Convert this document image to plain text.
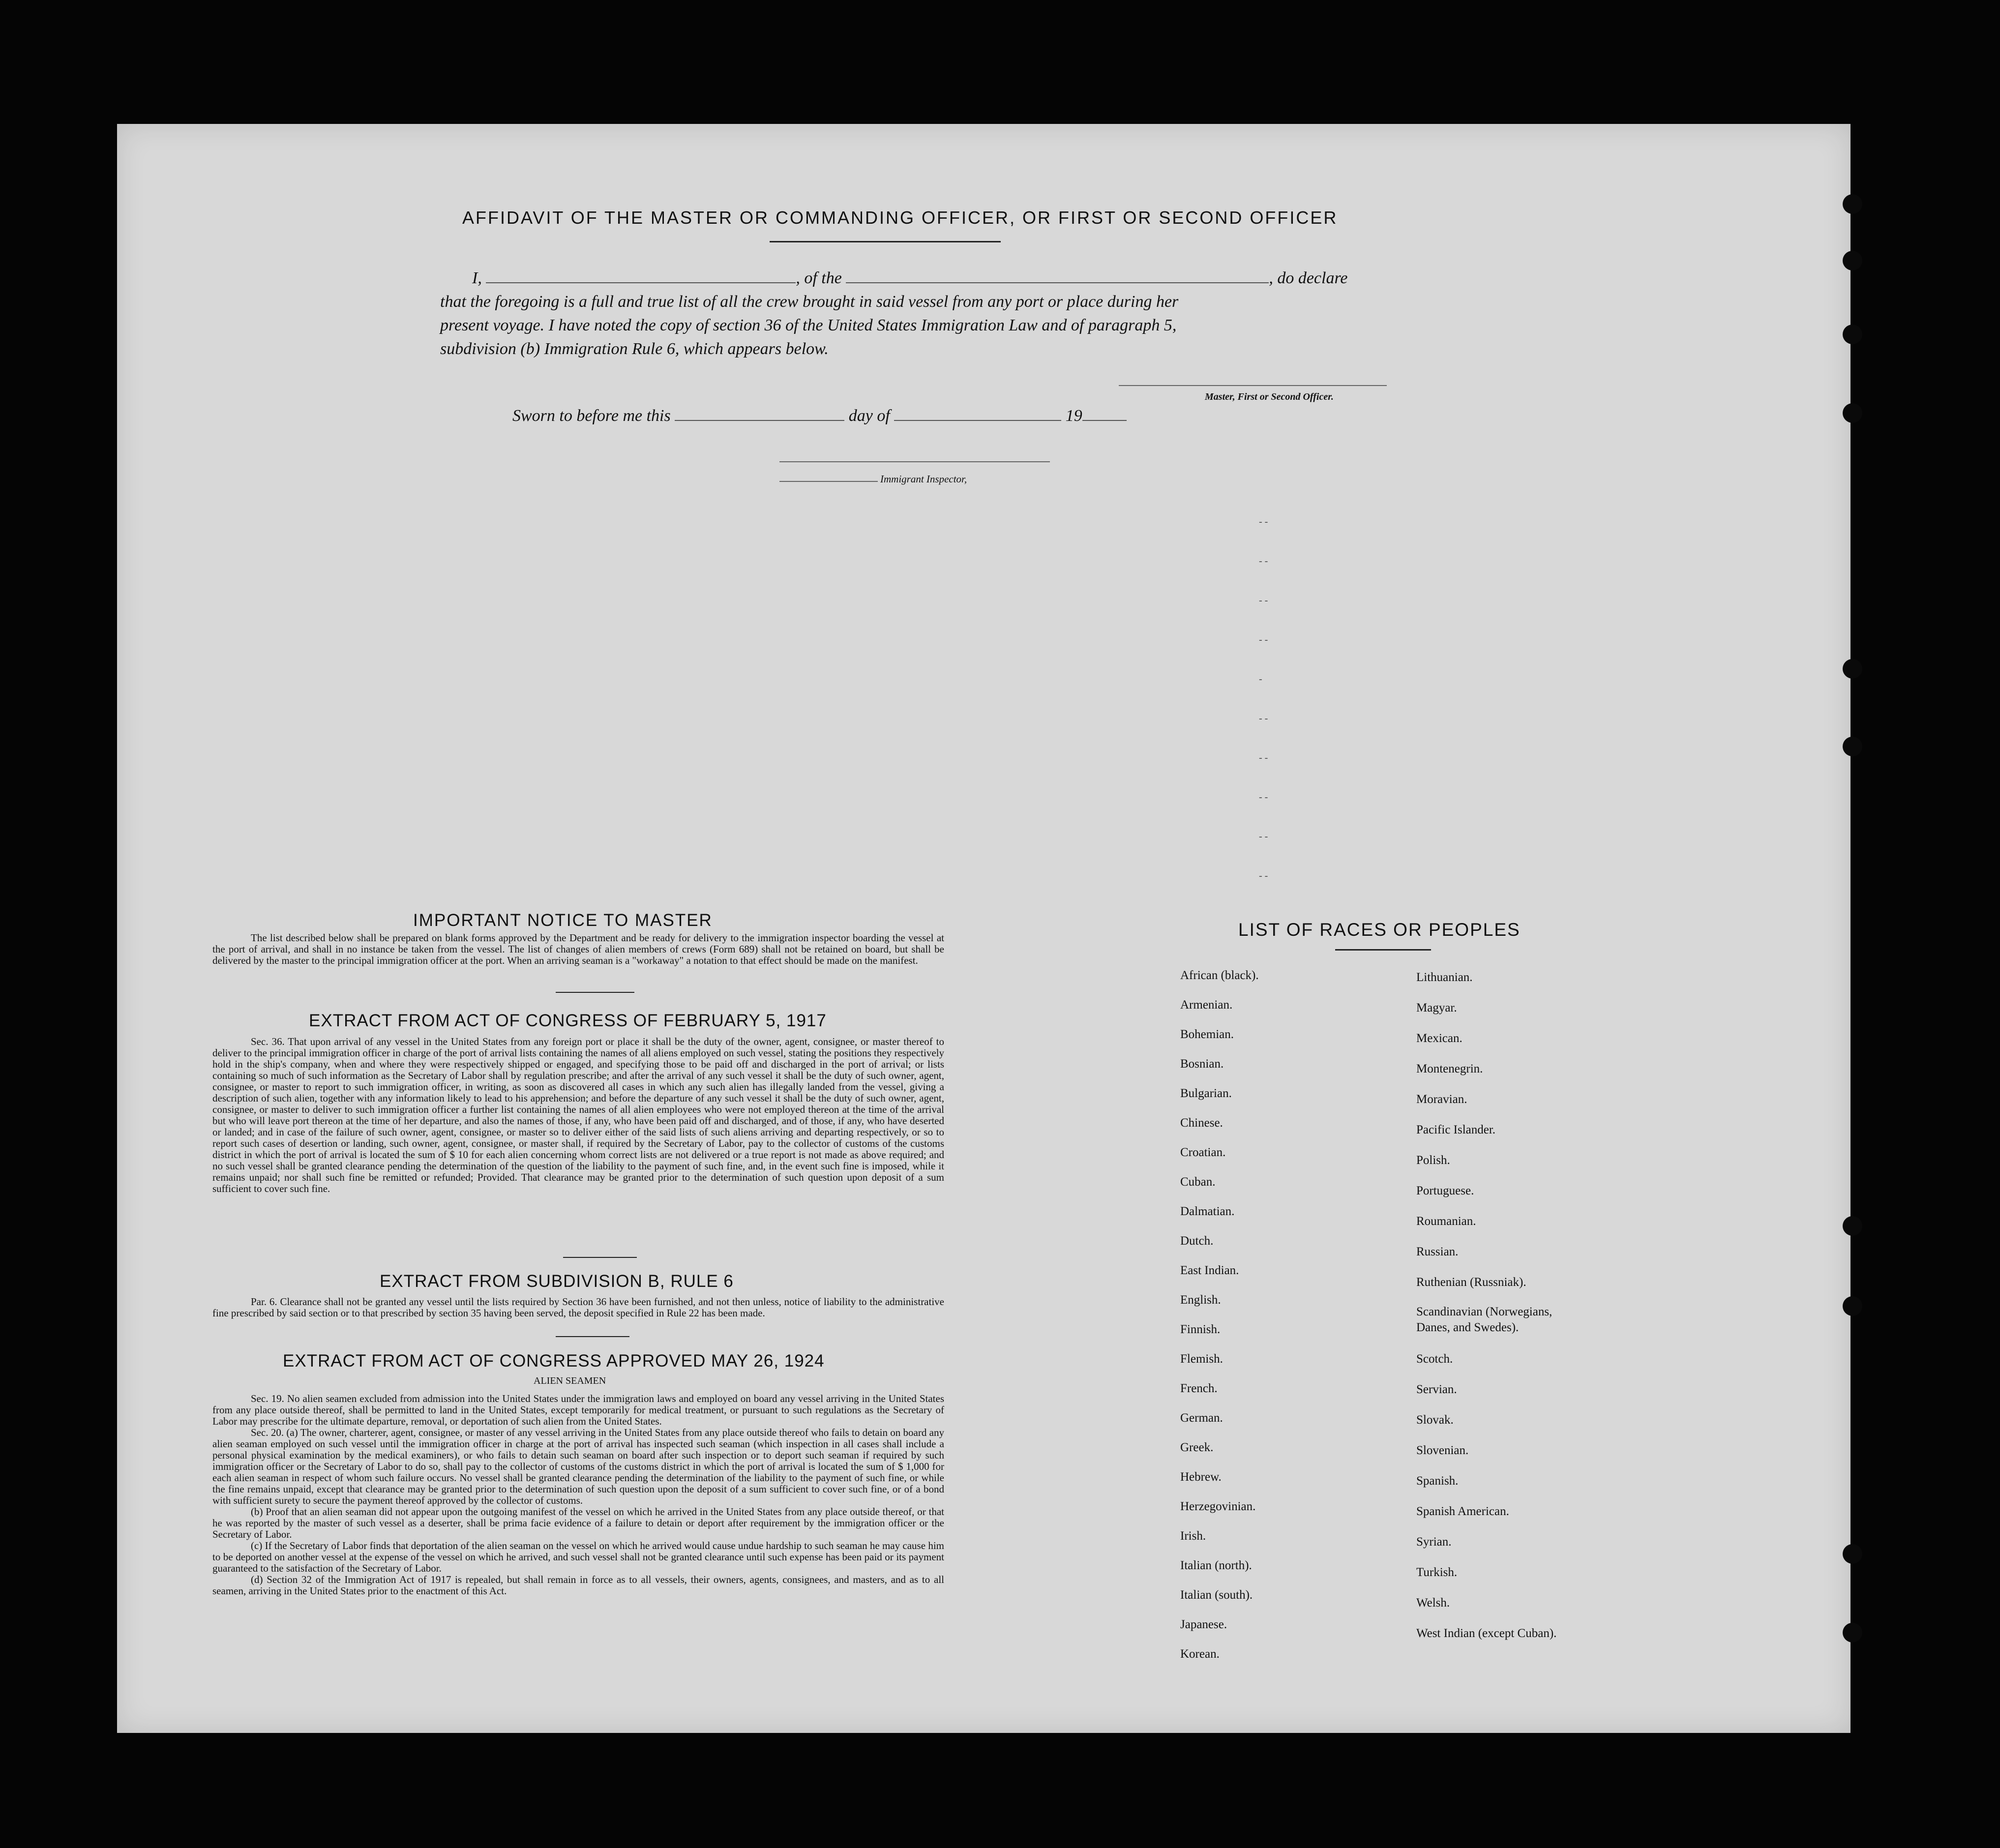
AFFIDAVIT OF THE MASTER OR COMMANDING OFFICER, OR FIRST OR SECOND OFFICER
I,	, of the	, do declare
that the foregoing is a full and true list of all the crew brought in said vessel from any port or place during her
present voyage. I have noted the copy of section 36 of the United States Immigration Law and of paragraph 5,
subdivision (b) Immigration Rule 6, which appears below.
Master, First or Second Officer.
Sworn to before me this	day of	19
Immigrant Inspector,
- -
- -
- -
- -
-
- -
- -
- -
- -
- -
IMPORTANT NOTICE TO MASTER

The list described below shall be prepared on blank forms approved by the Department and be ready for delivery to the immigration inspector boarding the vessel at the port of arrival, and shall in no instance be taken from the vessel. The list of changes of alien members of crews (Form 689) shall not be retained on board, but shall be delivered by the master to the principal immigration officer at the port. When an arriving seaman is a "workaway" a notation to that effect should be made on the manifest.

EXTRACT FROM ACT OF CONGRESS OF FEBRUARY 5, 1917

Sec. 36. That upon arrival of any vessel in the United States from any foreign port or place it shall be the duty of the owner, agent, consignee, or master thereof to deliver to the principal immigration officer in charge of the port of arrival lists containing the names of all aliens employed on such vessel, stating the positions they respectively hold in the ship's company, when and where they were respectively shipped or engaged, and specifying those to be paid off and discharged in the port of arrival; or lists containing so much of such information as the Secretary of Labor shall by regulation prescribe; and after the arrival of any such vessel it shall be the duty of such owner, agent, consignee, or master to report to such immigration officer, in writing, as soon as discovered all cases in which any such alien has illegally landed from the vessel, giving a description of such alien, together with any information likely to lead to his apprehension; and before the departure of any such vessel it shall be the duty of such owner, agent, consignee, or master to deliver to such immigration officer a further list containing the names of all alien employees who were not employed thereon at the time of the arrival but who will leave port thereon at the time of her departure, and also the names of those, if any, who have been paid off and discharged, and of those, if any, who have deserted or landed; and in case of the failure of such owner, agent, consignee, or master so to deliver either of the said lists of such aliens arriving and departing respectively, or so to report such cases of desertion or landing, such owner, agent, consignee, or master shall, if required by the Secretary of Labor, pay to the collector of customs of the customs district in which the port of arrival is located the sum of $ 10 for each alien concerning whom correct lists are not delivered or a true report is not made as above required; and no such vessel shall be granted clearance pending the determination of the question of the liability to the payment of such fine, and, in the event such fine is imposed, while it remains unpaid; nor shall such fine be remitted or refunded; Provided. That clearance may be granted prior to the determination of such question upon deposit of a sum sufficient to cover such fine.

EXTRACT FROM SUBDIVISION B, RULE 6

Par. 6. Clearance shall not be granted any vessel until the lists required by Section 36 have been furnished, and not then unless, notice of liability to the administrative fine prescribed by said section or to that prescribed by section 35 having been served, the deposit specified in Rule 22 has been made.

EXTRACT FROM ACT OF CONGRESS APPROVED MAY 26, 1924
ALIEN SEAMEN

Sec. 19. No alien seamen excluded from admission into the United States under the immigration laws and employed on board any vessel arriving in the United States from any place outside thereof, shall be permitted to land in the United States, except temporarily for medical treatment, or pursuant to such regulations as the Secretary of Labor may prescribe for the ultimate departure, removal, or deportation of such alien from the United States.

Sec. 20. (a) The owner, charterer, agent, consignee, or master of any vessel arriving in the United States from any place outside thereof who fails to detain on board any alien seaman employed on such vessel until the immigration officer in charge at the port of arrival has inspected such seaman (which inspection in all cases shall include a personal physical examination by the medical examiners), or who fails to detain such seaman on board after such inspection or to deport such seaman if required by such immigration officer or the Secretary of Labor to do so, shall pay to the collector of customs of the customs district in which the port of arrival is located the sum of $ 1,000 for each alien seaman in respect of whom such failure occurs. No vessel shall be granted clearance pending the determination of the liability to the payment of such fine, or while the fine remains unpaid, except that clearance may be granted prior to the determination of such question upon the deposit of a sum sufficient to cover such fine, or of a bond with sufficient surety to secure the payment thereof approved by the collector of customs.

(b) Proof that an alien seaman did not appear upon the outgoing manifest of the vessel on which he arrived in the United States from any place outside thereof, or that he was reported by the master of such vessel as a deserter, shall be prima facie evidence of a failure to detain or deport after requirement by the immigration officer or the Secretary of Labor.

(c) If the Secretary of Labor finds that deportation of the alien seaman on the vessel on which he arrived would cause undue hardship to such seaman he may cause him to be deported on another vessel at the expense of the vessel on which he arrived, and such vessel shall not be granted clearance until such expense has been paid or its payment guaranteed to the satisfaction of the Secretary of Labor.

(d) Section 32 of the Immigration Act of 1917 is repealed, but shall remain in force as to all vessels, their owners, agents, consignees, and masters, and as to all seamen, arriving in the United States prior to the enactment of this Act.

LIST OF RACES OR PEOPLES
African (black).
Armenian.
Bohemian.
Bosnian.
Bulgarian.
Chinese.
Croatian.
Cuban.
Dalmatian.
Dutch.
East Indian.
English.
Finnish.
Flemish.
French.
German.
Greek.
Hebrew.
Herzegovinian.
Irish.
Italian (north).
Italian (south).
Japanese.
Korean.
Lithuanian.
Magyar.
Mexican.
Montenegrin.
Moravian.
Pacific Islander.
Polish.
Portuguese.
Roumanian.
Russian.
Ruthenian (Russniak).
Scandinavian (Norwegians, Danes, and Swedes).
Scotch.
Servian.
Slovak.
Slovenian.
Spanish.
Spanish American.
Syrian.
Turkish.
Welsh.
West Indian (except Cuban).
